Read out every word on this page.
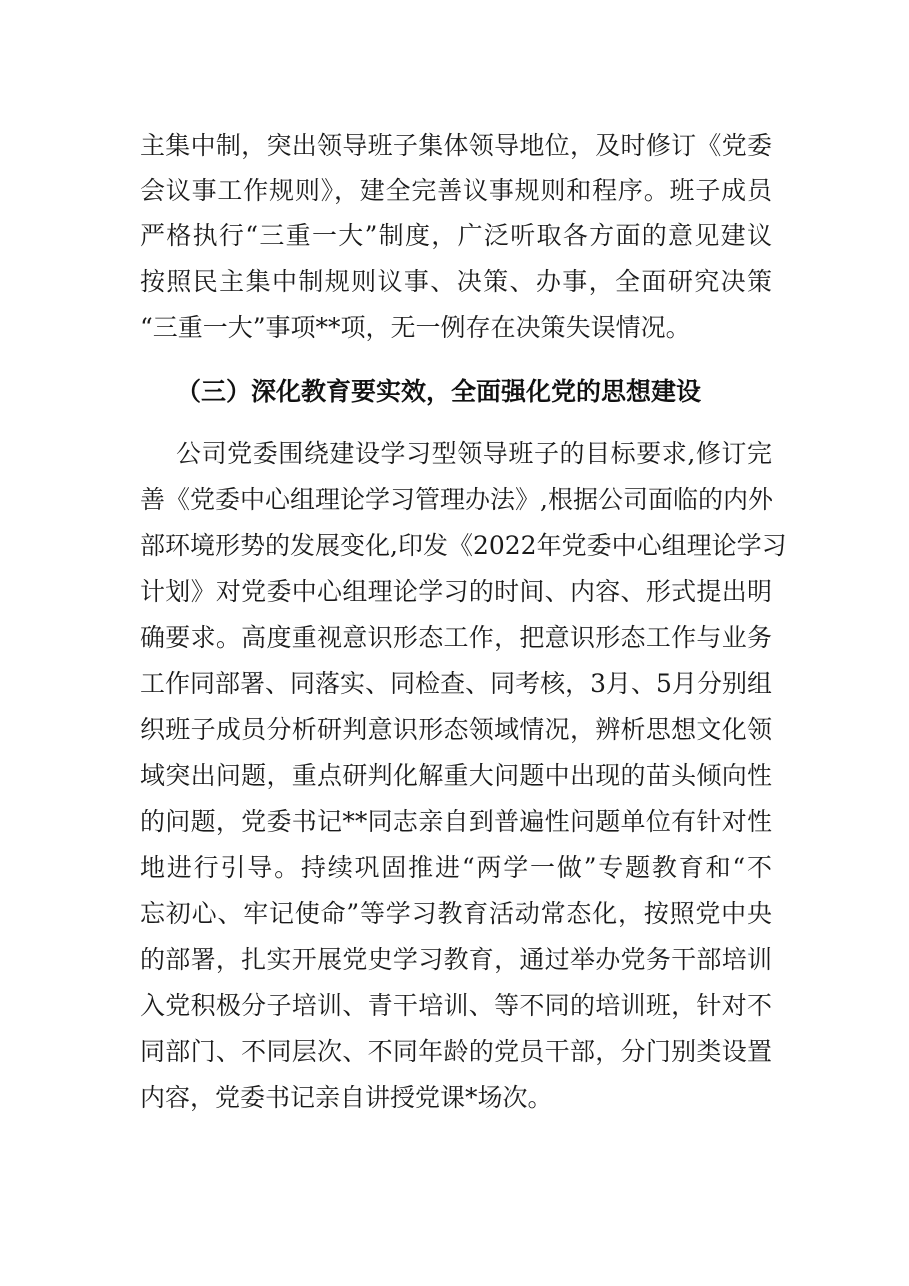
主集中制，突出领导班子集体领导地位，及时修订《党委
会议事工作规则》，建全完善议事规则和程序。班子成员
严格执行“三重一大”制度，广泛听取各方面的意见建议
按照民主集中制规则议事、决策、办事，全面研究决策
“三重一大”事项**项，无一例存在决策失误情况。
（三）深化教育要实效，全面强化党的思想建设
公司党委围绕建设学习型领导班子的目标要求,修订完
善《党委中心组理论学习管理办法》,根据公司面临的内外
部环境形势的发展变化,印发《2022年党委中心组理论学习
计划》对党委中心组理论学习的时间、内容、形式提出明
确要求。高度重视意识形态工作，把意识形态工作与业务
工作同部署、同落实、同检查、同考核，3月、5月分别组
织班子成员分析研判意识形态领域情况，辨析思想文化领
域突出问题，重点研判化解重大问题中出现的苗头倾向性
的问题，党委书记**同志亲自到普遍性问题单位有针对性
地进行引导。持续巩固推进“两学一做”专题教育和“不
忘初心、牢记使命”等学习教育活动常态化，按照党中央
的部署，扎实开展党史学习教育，通过举办党务干部培训
入党积极分子培训、青干培训、等不同的培训班，针对不
同部门、不同层次、不同年龄的党员干部，分门别类设置
内容，党委书记亲自讲授党课*场次。
